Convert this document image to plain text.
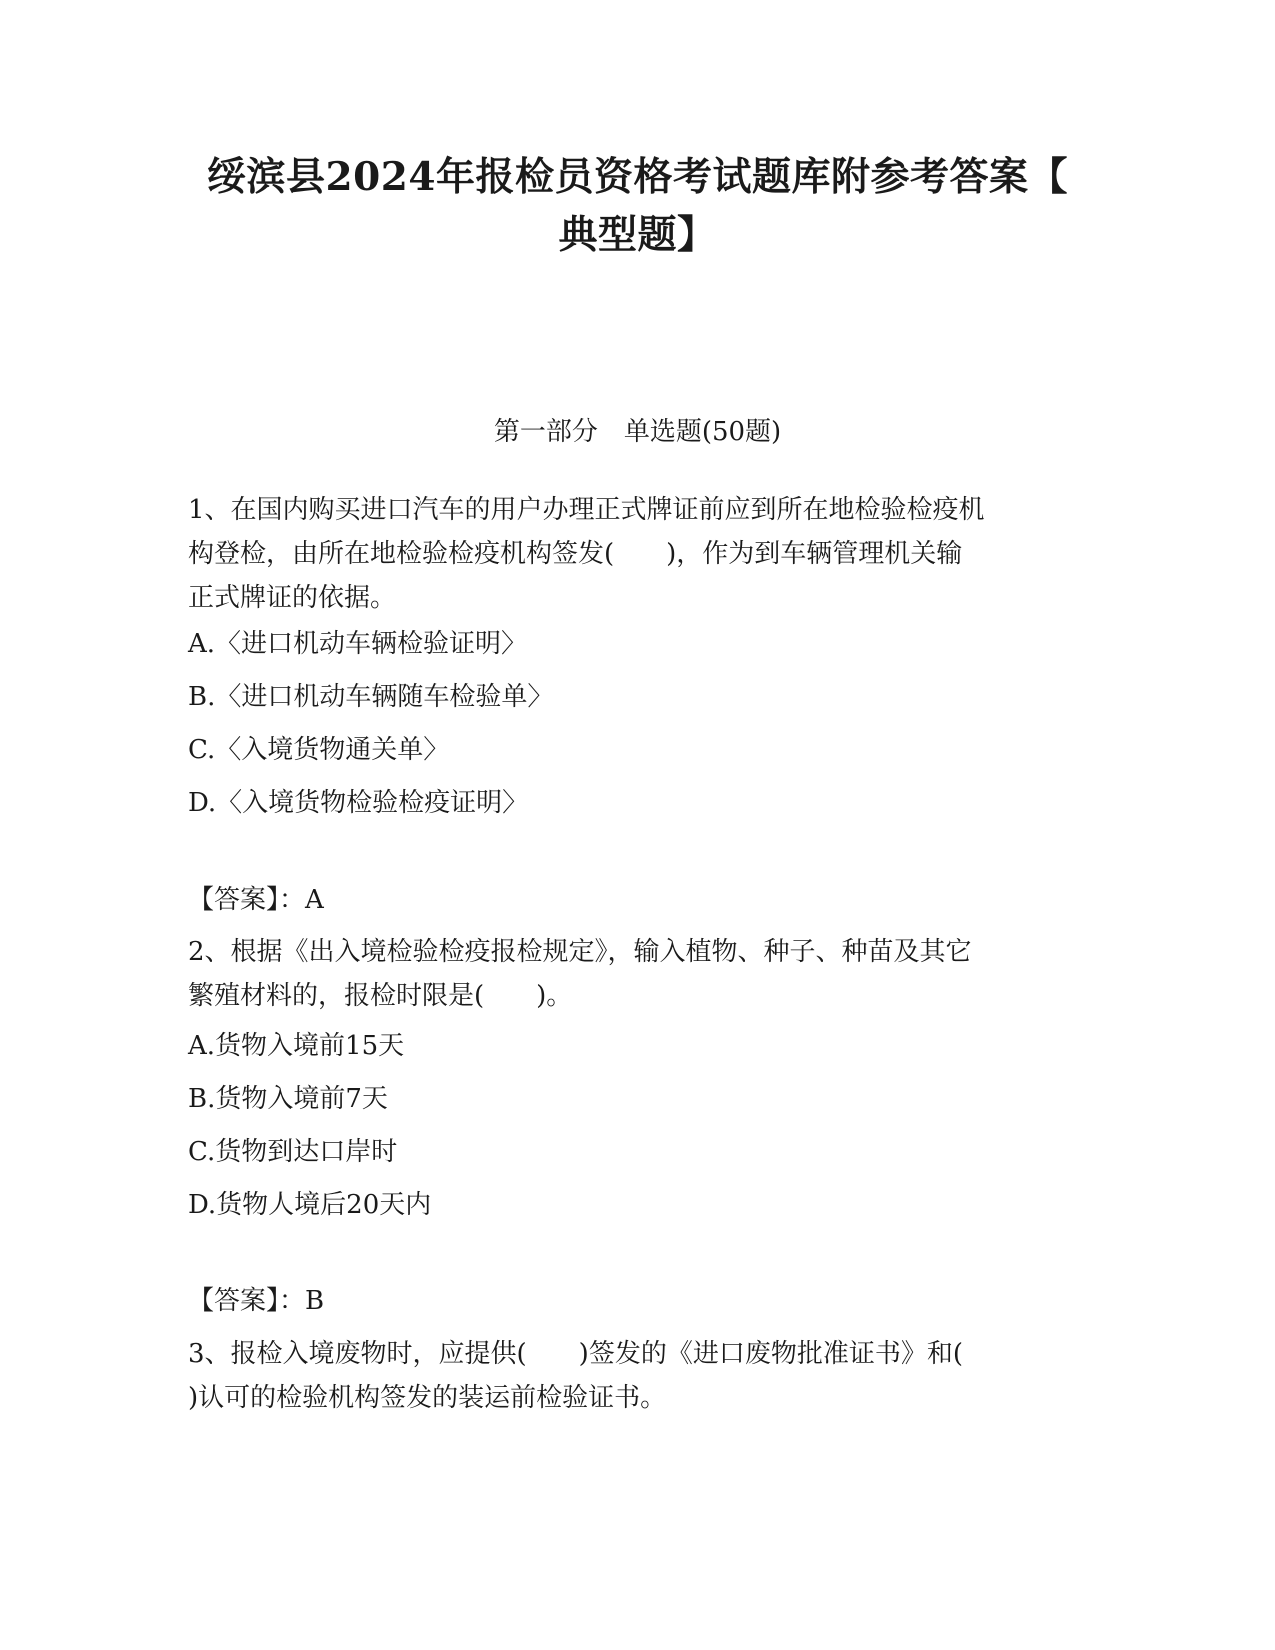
绥滨县2024年报检员资格考试题库附参考答案【
典型题】
第一部分　单选题(50题)

1、在国内购买进口汽车的用户办理正式牌证前应到所在地检验检疫机

构登检，由所在地检验检疫机构签发(　　)，作为到车辆管理机关输

正式牌证的依据。

A.〈进口机动车辆检验证明〉

B.〈进口机动车辆随车检验单〉

C.〈入境货物通关单〉

D.〈入境货物检验检疫证明〉

【答案】：A

2、根据《出入境检验检疫报检规定》，输入植物、种子、种苗及其它

繁殖材料的，报检时限是(　　)。

A.货物入境前15天

B.货物入境前7天

C.货物到达口岸时

D.货物人境后20天内

【答案】：B

3、报检入境废物时，应提供(　　)签发的《进口废物批准证书》和(

)认可的检验机构签发的装运前检验证书。
